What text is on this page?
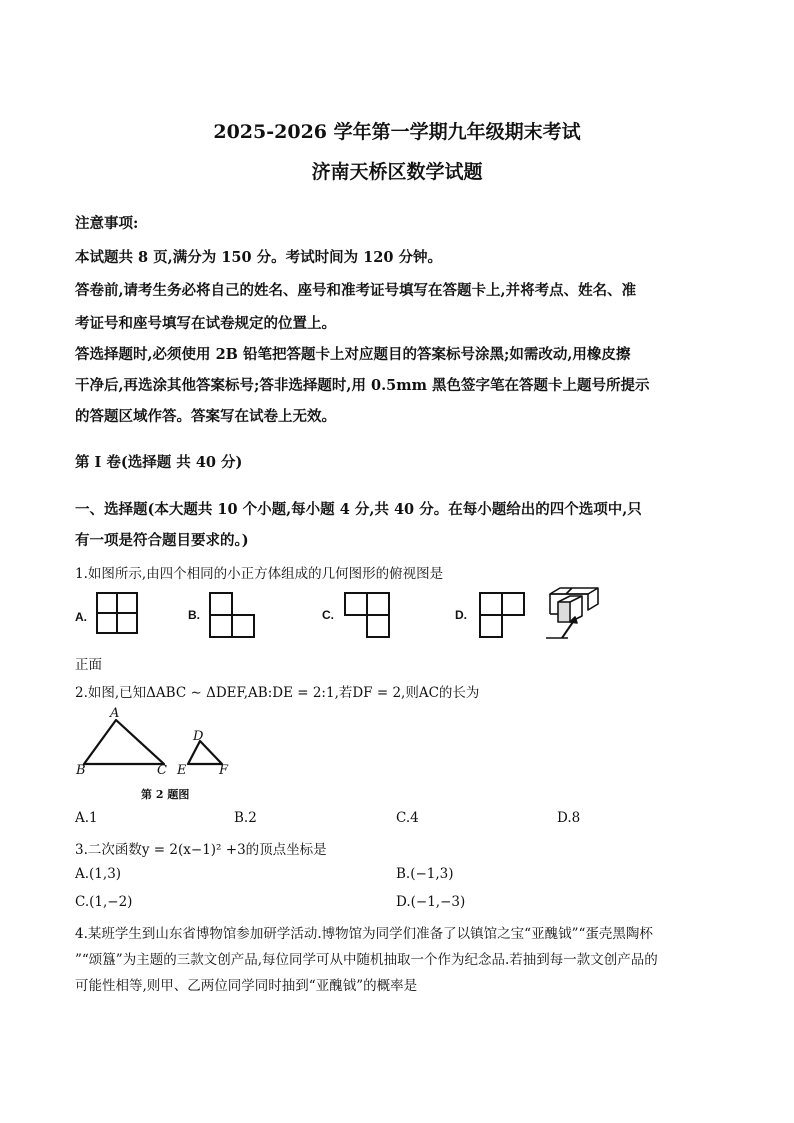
2025-2026 学年第一学期九年级期末考试
济南天桥区数学试题
注意事项:
本试题共 8 页,满分为 150 分。考试时间为 120 分钟。
答卷前,请考生务必将自己的姓名、座号和准考证号填写在答题卡上,并将考点、姓名、准
考证号和座号填写在试卷规定的位置上。
答选择题时,必须使用 2B 铅笔把答题卡上对应题目的答案标号涂黑;如需改动,用橡皮擦
干净后,再选涂其他答案标号;答非选择题时,用 0.5mm 黑色签字笔在答题卡上题号所提示
的答题区域作答。答案写在试卷上无效。
第 I 卷(选择题 共 40 分)
一、选择题(本大题共 10 个小题,每小题 4 分,共 40 分。在每小题给出的四个选项中,只
有一项是符合题目要求的。)
1.如图所示,由四个相同的小正方体组成的几何图形的俯视图是
A.	B.	C.	D.
正面
2.如图,已知ΔABC ∼ ΔDEF,AB:DE = 2:1,若DF = 2,则AC的长为
A
B	C
D
E	F
第 2 题图
A.1	B.2	C.4	D.8
3.二次函数y = 2(x−1)² +3的顶点坐标是
A.(1,3)	B.(−1,3)
C.(1,−2)	D.(−1,−3)
4.某班学生到山东省博物馆参加研学活动.博物馆为同学们准备了以镇馆之宝“亚醜钺”“蛋壳黑陶杯
”“颂簋”为主题的三款文创产品,每位同学可从中随机抽取一个作为纪念品.若抽到每一款文创产品的
可能性相等,则甲、乙两位同学同时抽到“亚醜钺”的概率是
